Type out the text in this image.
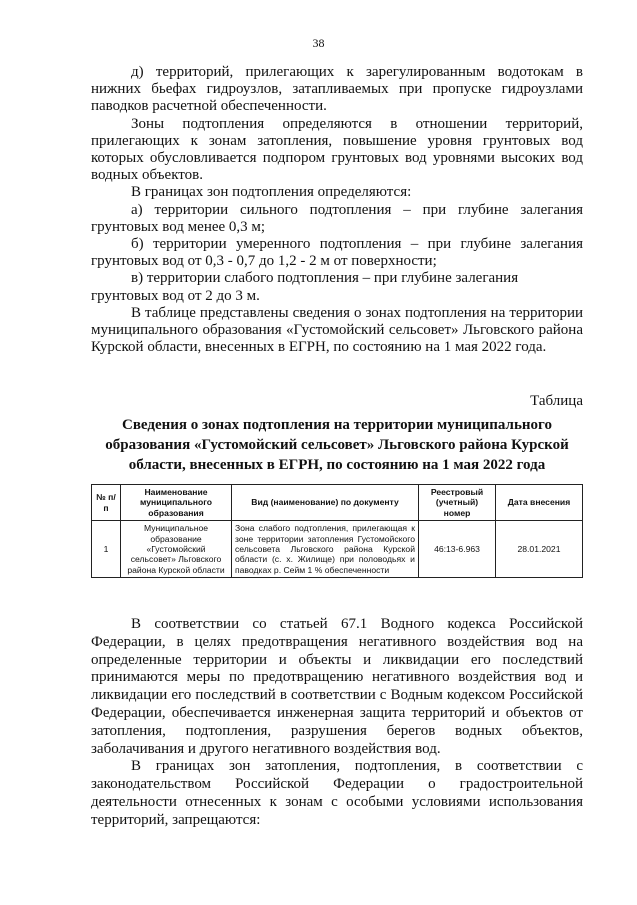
38

д) территорий, прилегающих к зарегулированным водотокам в нижних бьефах гидроузлов, затапливаемых при пропуске гидроузлами паводков расчетной обеспеченности.

Зоны подтопления определяются в отношении территорий, прилегающих к зонам затопления, повышение уровня грунтовых вод которых обусловливается подпором грунтовых вод уровнями высоких вод водных объектов.

В границах зон подтопления определяются:

а) территории сильного подтопления – при глубине залегания грунтовых вод менее 0,3 м;

б) территории умеренного подтопления – при глубине залегания грунтовых вод от 0,3 - 0,7 до 1,2 - 2 м от поверхности;

в) территории слабого подтопления – при глубине залегания

грунтовых вод от 2 до 3 м.

В таблице представлены сведения о зонах подтопления на территории муниципального образования «Густомойский сельсовет» Льговского района Курской области, внесенных в ЕГРН, по состоянию на 1 мая 2022 года.

Таблица
Сведения о зонах подтопления на территории муниципального образования «Густомойский сельсовет» Льговского района Курской области, внесенных в ЕГРН, по состоянию на 1 мая 2022 года
№ п/п	Наименование муниципального образования	Вид (наименование) по документу	Реестровый (учетный) номер	Дата внесения
1	Муниципальное образование «Густомойский сельсовет» Льговского района Курской области	Зона слабого подтопления, прилегающая к зоне территории затопления Густомойского сельсовета Льговского района Курской области (с. х. Жилище) при половодьях и паводках р. Сейм 1 % обеспеченности	46:13-6.963	28.01.2021

В соответствии со статьей 67.1 Водного кодекса Российской Федерации, в целях предотвращения негативного воздействия вод на определенные территории и объекты и ликвидации его последствий принимаются меры по предотвращению негативного воздействия вод и ликвидации его последствий в соответствии с Водным кодексом Российской Федерации, обеспечивается инженерная защита территорий и объектов от затопления, подтопления, разрушения берегов водных объектов, заболачивания и другого негативного воздействия вод.

В границах зон затопления, подтопления, в соответствии с законодательством Российской Федерации о градостроительной деятельности отнесенных к зонам с особыми условиями использования территорий, запрещаются:
